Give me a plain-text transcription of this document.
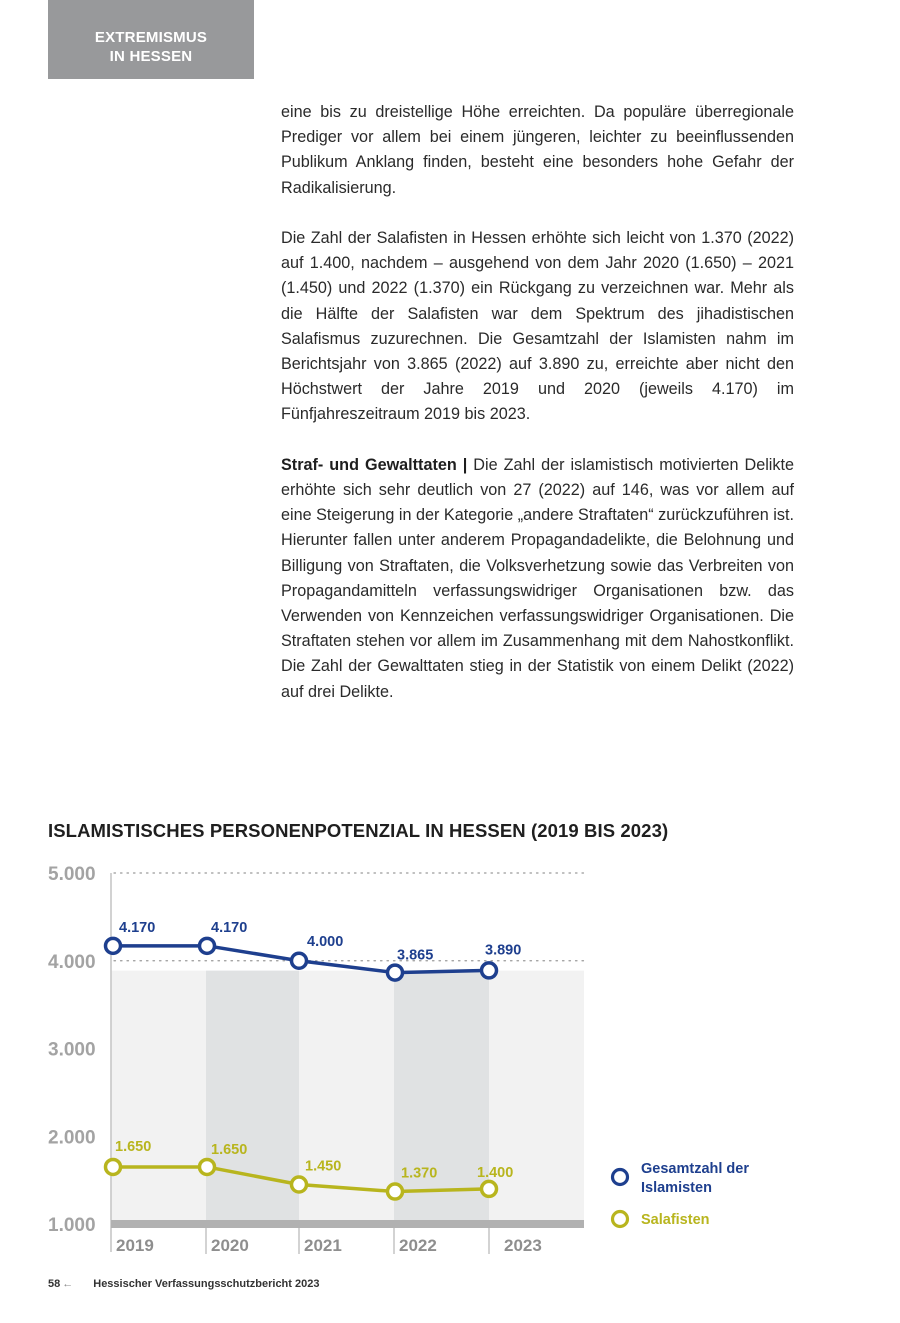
EXTREMISMUS
IN HESSEN

eine bis zu dreistellige Höhe erreichten. Da populäre überregionale Prediger vor allem bei einem jüngeren, leichter zu beeinflussenden Publikum Anklang finden, besteht eine besonders hohe Gefahr der Radikalisierung.

Die Zahl der Salafisten in Hessen erhöhte sich leicht von 1.370 (2022) auf 1.400, nachdem – ausgehend von dem Jahr 2020 (1.650) – 2021 (1.450) und 2022 (1.370) ein Rückgang zu verzeichnen war. Mehr als die Hälfte der Salafisten war dem Spektrum des jihadistischen Salafismus zuzurechnen. Die Gesamtzahl der Islamisten nahm im Berichtsjahr von 3.865 (2022) auf 3.890 zu, erreichte aber nicht den Höchstwert der Jahre 2019 und 2020 (jeweils 4.170) im Fünfjahreszeitraum 2019 bis 2023.

Straf- und Gewalttaten | Die Zahl der islamistisch motivierten Delikte erhöhte sich sehr deutlich von 27 (2022) auf 146, was vor allem auf eine Steigerung in der Kategorie „andere Straftaten“ zurückzuführen ist. Hierunter fallen unter anderem Propagandadelikte, die Belohnung und Billigung von Straftaten, die Volksverhetzung sowie das Verbreiten von Propagandamitteln verfassungswidriger Organisationen bzw. das Verwenden von Kennzeichen verfassungswidriger Organisationen. Die Straftaten stehen vor allem im Zusammenhang mit dem Nahostkonflikt. Die Zahl der Gewalttaten stieg in der Statistik von einem Delikt (2022) auf drei Delikte.

ISLAMISTISCHES PERSONENPOTENZIAL IN HESSEN (2019 BIS 2023)
1.000
2.000
3.000
4.000
5.000
2019	2020	2021	2022	2023
4.170	4.170
4.000
3.865	3.890
1.650	1.650
1.450	1.370	1.400	Gesamtzahl der
Islamisten
Salafisten
58 ← Hessischer Verfassungsschutzbericht 2023
